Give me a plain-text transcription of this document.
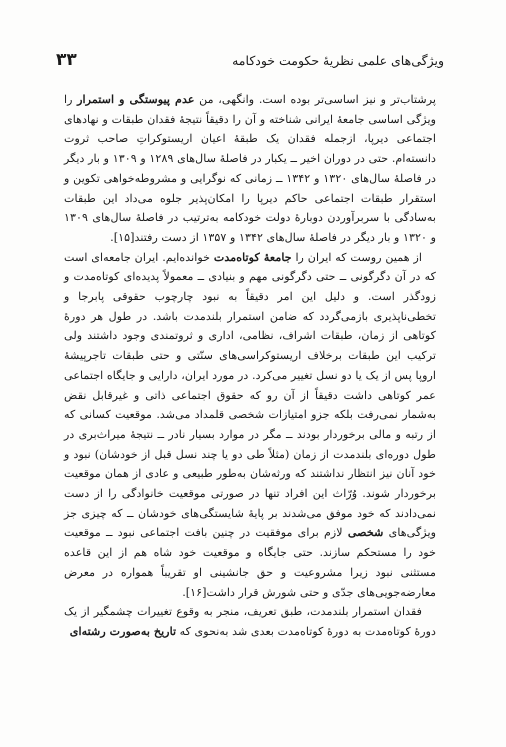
ویژگی‌های علمی نظریهٔ حکومت خودکامه
۳۳

پرشتاب‌تر و نیز اساسی‌تر بوده است. وانگهی، من عدم پیوستگی و استمرار را ویژگی اساسی جامعهٔ ایرانی شناخته و آن را دقیقاً نتیجهٔ فقدان طبقات و نهادهای اجتماعی دیرپا، ازجمله فقدان یک طبقهٔ اعیان اریستوکراتِ صاحب ثروت دانسته‌ام. حتی در دوران اخیر ــ یکبار در فاصلهٔ سال‌های ۱۲۸۹ و ۱۳۰۹ و بار دیگر در فاصلهٔ سال‌های ۱۳۲۰ و ۱۳۴۲ ــ زمانی که نوگرایی و مشروطه‌خواهی تکوین و استقرار طبقات اجتماعی حاکم دیرپا را امکان‌پذیر جلوه می‌داد این طبقات به‌سادگی با سربرآوردن دوبارهٔ دولت خودکامه به‌ترتیب در فاصلهٔ سال‌های ۱۳۰۹ و ۱۳۲۰ و بار دیگر در فاصلهٔ سال‌های ۱۳۴۲ و ۱۳۵۷ از دست رفتند[۱۵].

از همین روست که ایران را جامعهٔ کوتاه‌مدت خوانده‌ایم. ایران جامعه‌ای است که در آن دگرگونی ــ حتی دگرگونی مهم و بنیادی ــ معمولاً پدیده‌ای کوتاه‌مدت و زودگذر است. و دلیل این امر دقیقاً به نبود چارچوب حقوقی پابرجا و تخطی‌ناپذیری بازمی‌گردد که ضامن استمرار بلندمدت باشد. در طول هر دورهٔ کوتاهی از زمان، طبقات اشراف، نظامی، اداری و ثروتمندی وجود داشتند ولی ترکیب این طبقات برخلاف اریستوکراسی‌های سنّتی و حتی طبقات تاجرپیشهٔ اروپا پس از یک یا دو نسل تغییر می‌کرد. در مورد ایران، دارایی و جایگاه اجتماعی عمر کوتاهی داشت دقیقاً از آن رو که حقوق اجتماعی ذاتی و غیرقابل نقض به‌شمار نمی‌رفت بلکه جزو امتیازات شخصی قلمداد می‌شد. موقعیت کسانی که از رتبه و مالی برخوردار بودند ــ مگر در موارد بسیار نادر ــ نتیجهٔ میراث‌بری در طول دوره‌ای بلندمدت از زمان (مثلاً طی دو یا چند نسل قبل از خودشان) نبود و خود آنان نیز انتظار نداشتند که ورثه‌شان به‌طور طبیعی و عادی از همان موقعیت برخوردار شوند. وُرّاث این افراد تنها در صورتی موقعیت خانوادگی را از دست نمی‌دادند که خود موفق می‌شدند بر پایهٔ شایستگی‌های خودشان ــ که چیزی جز ویژگی‌های شخصی لازم برای موفقیت در چنین بافت اجتماعی نبود ــ موقعیت خود را مستحکم سازند. حتی جایگاه و موقعیت خود شاه هم از این قاعده مستثنی نبود زیرا مشروعیت و حق جانشینی او تقریباً همواره در معرض معارضه‌جویی‌های جدّی و حتی شورش قرار داشت[۱۶].

فقدان استمرار بلندمدت، طبق تعریف، منجر به وقوع تغییرات چشمگیر از یک دورهٔ کوتاه‌مدت به دورهٔ کوتاه‌مدت بعدی شد به‌نحوی که تاریخ به‌صورت رشته‌ای
